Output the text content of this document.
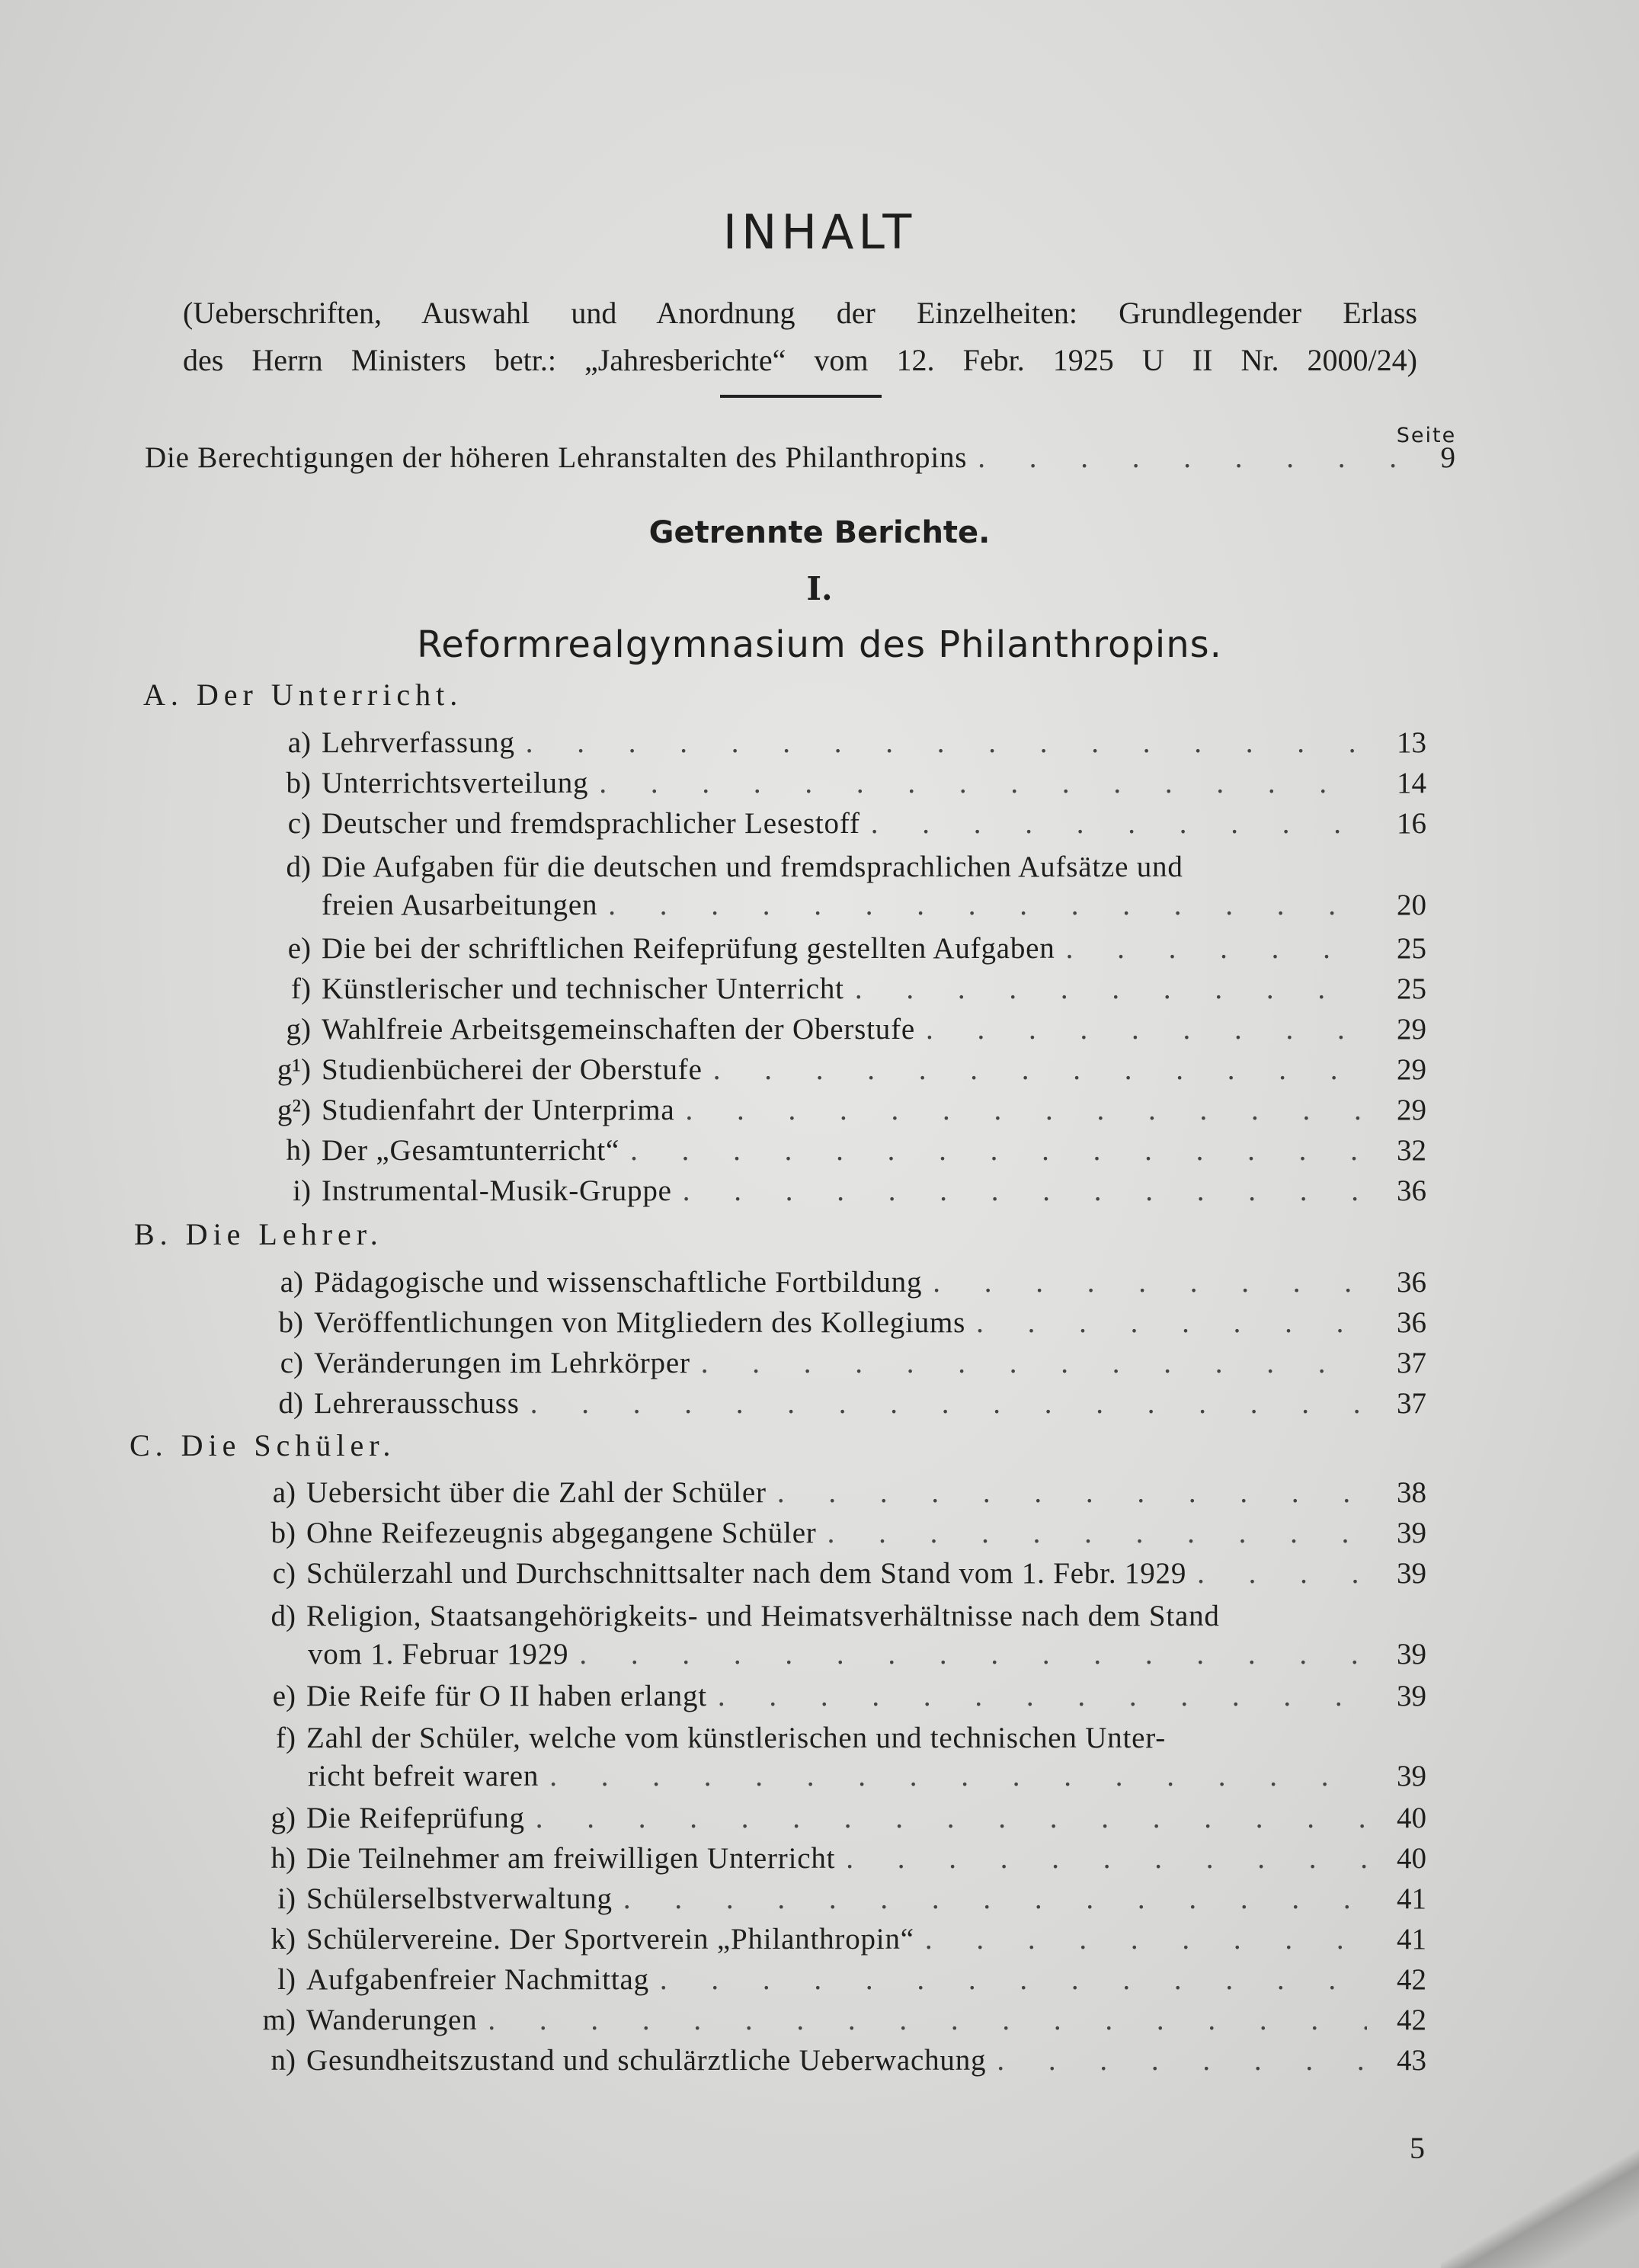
INHALT
(Ueberschriften, Auswahl und Anordnung der Einzelheiten: Grundlegender Erlass
des Herrn Ministers betr.: „Jahresberichte“ vom 12. Febr. 1925 U II Nr. 2000/24)
Seite
Die Berechtigungen der höheren Lehranstalten des Philanthropins . . .	9
Getrennte Berichte.
I.
Reformrealgymnasium des Philanthropins.
A. Der Unterricht.
a) Lehrverfassung . . .	13
b) Unterrichtsverteilung . . .	14
c) Deutscher und fremdsprachlicher Lesestoff . . .	16
d) Die Aufgaben für die deutschen und fremdsprachlichen Aufsätze und
freien Ausarbeitungen . . .	20
e) Die bei der schriftlichen Reifeprüfung gestellten Aufgaben . . .	25
f) Künstlerischer und technischer Unterricht . . .	25
g) Wahlfreie Arbeitsgemeinschaften der Oberstufe . . .	29
g¹) Studienbücherei der Oberstufe . . .	29
g²) Studienfahrt der Unterprima . . .	29
h) Der „Gesamtunterricht“ . . .	32
i) Instrumental-Musik-Gruppe . . .	36
B. Die Lehrer.
a) Pädagogische und wissenschaftliche Fortbildung . . .	36
b) Veröffentlichungen von Mitgliedern des Kollegiums . . .	36
c) Veränderungen im Lehrkörper . . .	37
d) Lehrerausschuss . . .	37
C. Die Schüler.
a) Uebersicht über die Zahl der Schüler . . .	38
b) Ohne Reifezeugnis abgegangene Schüler . . .	39
c) Schülerzahl und Durchschnittsalter nach dem Stand vom 1. Febr. 1929 . . .	39
d) Religion, Staatsangehörigkeits- und Heimatsverhältnisse nach dem Stand
vom 1. Februar 1929 . . .	39
e) Die Reife für O II haben erlangt . . .	39
f) Zahl der Schüler, welche vom künstlerischen und technischen Unter-
richt befreit waren . . .	39
g) Die Reifeprüfung . . .	40
h) Die Teilnehmer am freiwilligen Unterricht . . .	40
i) Schülerselbstverwaltung . . .	41
k) Schülervereine. Der Sportverein „Philanthropin“ . . .	41
l) Aufgabenfreier Nachmittag . . .	42
m) Wanderungen . . .	42
n) Gesundheitszustand und schulärztliche Ueberwachung . . .	43
5
